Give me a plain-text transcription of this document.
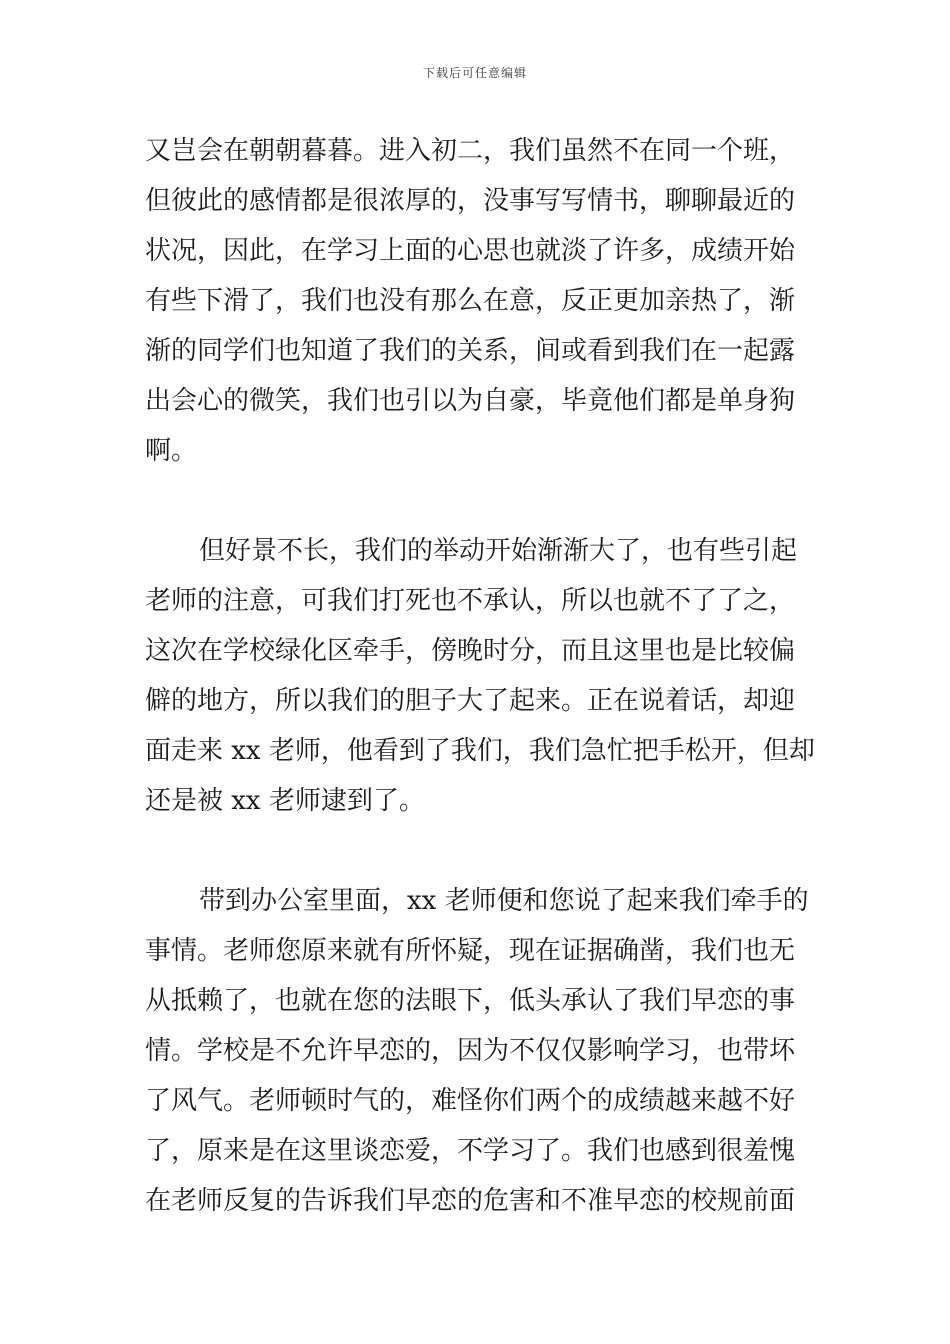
下载后可任意编辑
又岂会在朝朝暮暮。进入初二，我们虽然不在同一个班，
但彼此的感情都是很浓厚的，没事写写情书，聊聊最近的
状况，因此，在学习上面的心思也就淡了许多，成绩开始
有些下滑了，我们也没有那么在意，反正更加亲热了，渐
渐的同学们也知道了我们的关系，间或看到我们在一起露
出会心的微笑，我们也引以为自豪，毕竟他们都是单身狗
啊。
但好景不长，我们的举动开始渐渐大了，也有些引起
老师的注意，可我们打死也不承认，所以也就不了了之，
这次在学校绿化区牵手，傍晚时分，而且这里也是比较偏
僻的地方，所以我们的胆子大了起来。正在说着话，却迎
面走来 xx 老师，他看到了我们，我们急忙把手松开，但却
还是被 xx 老师逮到了。
带到办公室里面，xx 老师便和您说了起来我们牵手的
事情。老师您原来就有所怀疑，现在证据确凿，我们也无
从抵赖了，也就在您的法眼下，低头承认了我们早恋的事
情。学校是不允许早恋的，因为不仅仅影响学习，也带坏
了风气。老师顿时气的，难怪你们两个的成绩越来越不好
了，原来是在这里谈恋爱，不学习了。我们也感到很羞愧
在老师反复的告诉我们早恋的危害和不准早恋的校规前面
